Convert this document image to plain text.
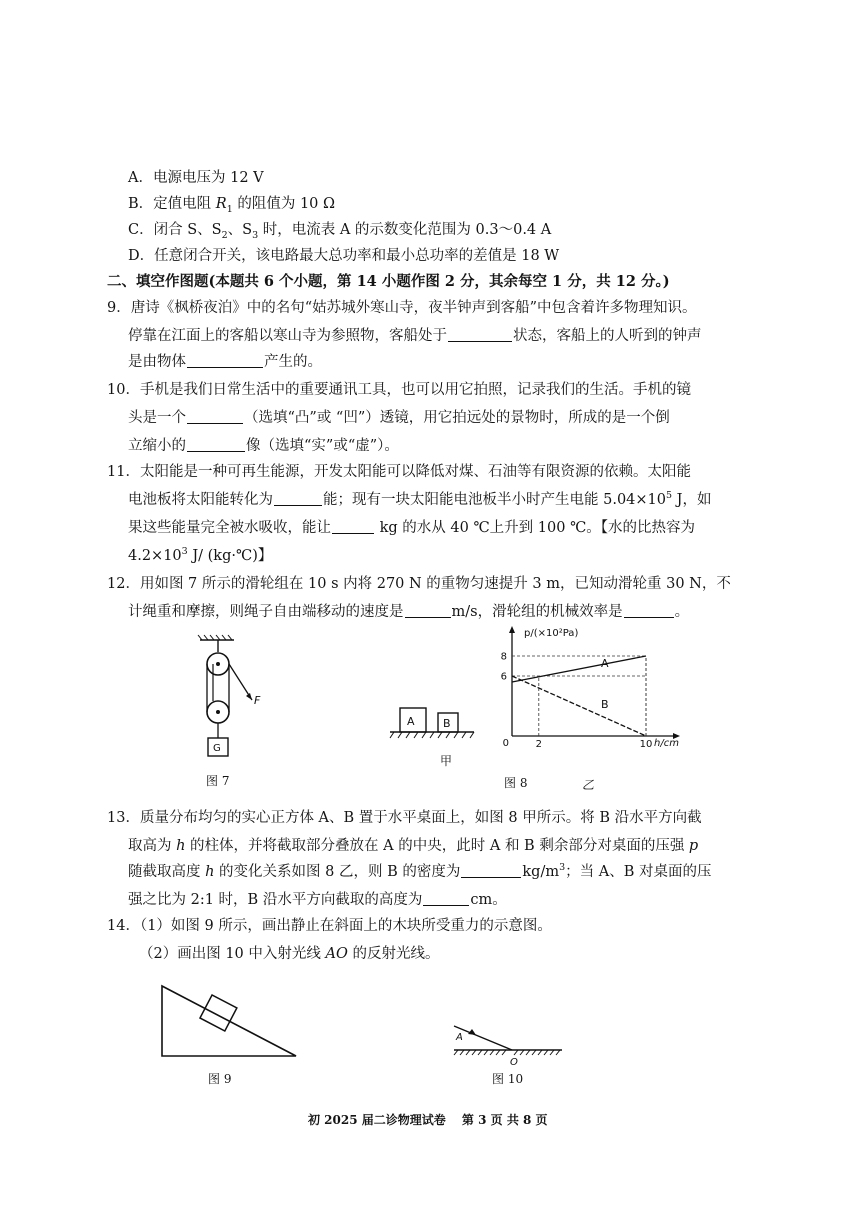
A．电源电压为 12 V
B．定值电阻 $R_1$ 的阻值为 10 Ω
C．闭合 S、$S_2$、$S_3$ 时，电流表 A 的示数变化范围为 0.3～0.4 A
D．任意闭合开关，该电路最大总功率和最小总功率的差值是 18 W
二、填空作图题(本题共 6 个小题，第 14 小题作图 2 分，其余每空 1 分，共 12 分。)
9．唐诗《枫桥夜泊》中的名句“姑苏城外寒山寺，夜半钟声到客船”中包含着许多物理知识。
停靠在江面上的客船以寒山寺为参照物，客船处于	状态，客船上的人听到的钟声
是由物体	产生的。
10．手机是我们日常生活中的重要通讯工具，也可以用它拍照，记录我们的生活。手机的镜
头是一个	（选填“凸”或 “凹”）透镜，用它拍远处的景物时，所成的是一个倒
立缩小的	像（选填“实”或“虚”）。
11．太阳能是一种可再生能源，开发太阳能可以降低对煤、石油等有限资源的依赖。太阳能
电池板将太阳能转化为	能；现有一块太阳能电池板半小时产生电能 $5.04\times 10^5$ J，如
果这些能量完全被水吸收，能让	kg 的水从 40 ℃上升到 100 ℃。【水的比热容为
$4.2\times 10^3$ J/ (kg·℃)】
12．用如图 7 所示的滑轮组在 10 s 内将 270 N 的重物匀速提升 3 m，已知动滑轮重 30 N，不
计绳重和摩擦，则绳子自由端移动的速度是	m/s，滑轮组的机械效率是	。
F
G
图 7
A	B
甲
p/(×10²Pa)
h/cm
0
6
8
2	10
A
B
乙
图 8
13．质量分布均匀的实心正方体 A、B 置于水平桌面上，如图 8 甲所示。将 B 沿水平方向截
取高为 h 的柱体，并将截取部分叠放在 A 的中央，此时 A 和 B 剩余部分对桌面的压强 p
随截取高度 h 的变化关系如图 8 乙，则 B 的密度为	$kg/m^3$；当 A、B 对桌面的压
强之比为 2:1 时，B 沿水平方向截取的高度为	cm。
14．（1）如图 9 所示，画出静止在斜面上的木块所受重力的示意图。
（2）画出图 10 中入射光线 AO 的反射光线。
图 9
A
O
图 10
初 2025 届二诊物理试卷　 第 3 页 共 8 页
